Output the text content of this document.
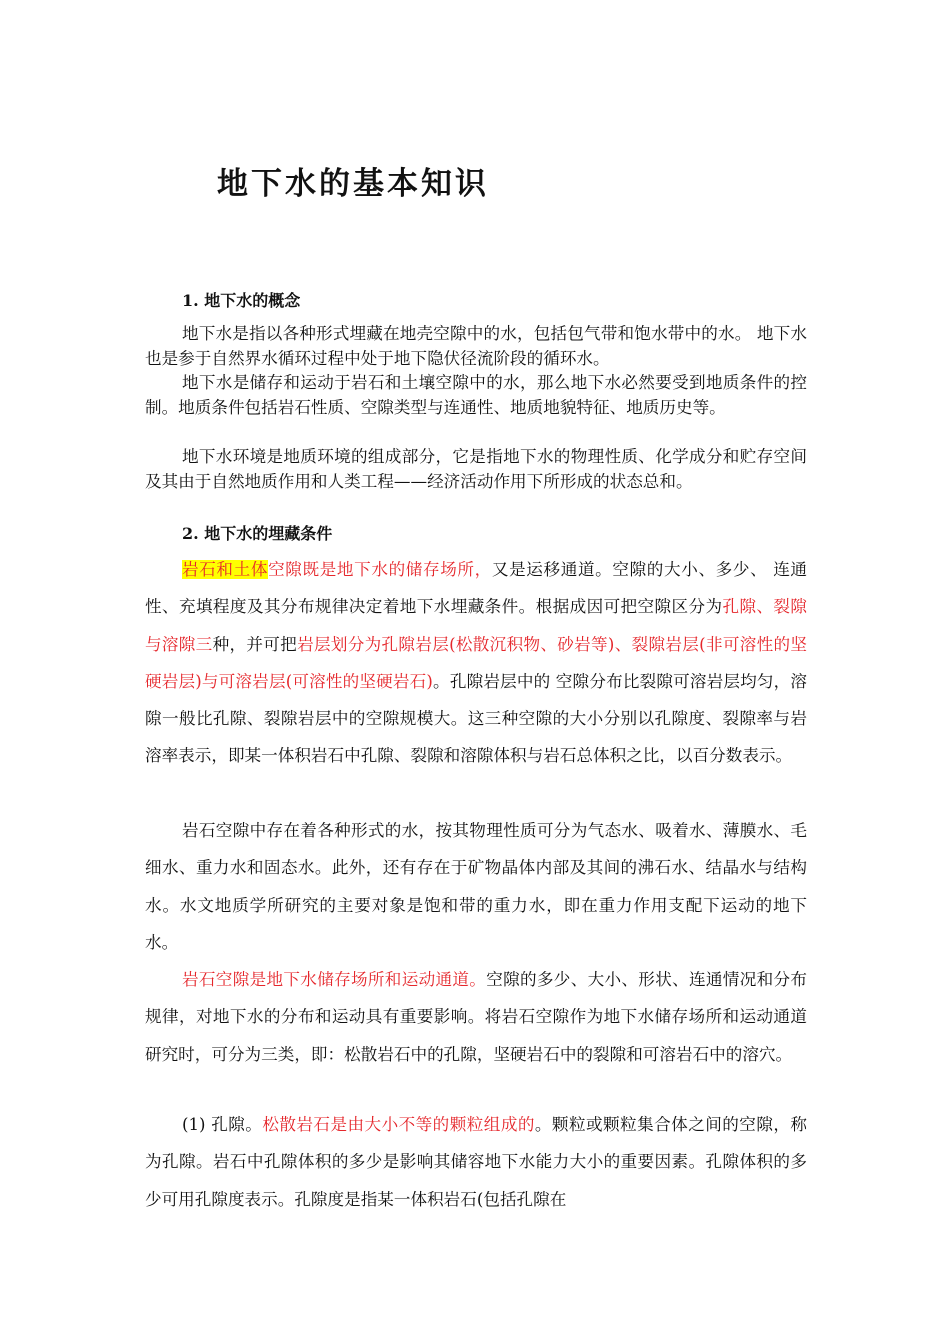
地下水的基本知识
1. 地下水的概念

地下水是指以各种形式埋藏在地壳空隙中的水，包括包气带和饱水带中的水。 地下水也是参于自然界水循环过程中处于地下隐伏径流阶段的循环水。

地下水是储存和运动于岩石和土壤空隙中的水，那么地下水必然要受到地质条件的控制。地质条件包括岩石性质、空隙类型与连通性、地质地貌特征、地质历史等。

地下水环境是地质环境的组成部分，它是指地下水的物理性质、化学成分和贮存空间及其由于自然地质作用和人类工程——经济活动作用下所形成的状态总和。

2. 地下水的埋藏条件

岩石和土体空隙既是地下水的储存场所，又是运移通道。空隙的大小、多少、 连通性、充填程度及其分布规律决定着地下水埋藏条件。根据成因可把空隙区分为孔隙、裂隙与溶隙三种，并可把岩层划分为孔隙岩层(松散沉积物、砂岩等)、裂隙岩层(非可溶性的坚硬岩层)与可溶岩层(可溶性的坚硬岩石)。孔隙岩层中的 空隙分布比裂隙可溶岩层均匀，溶隙一般比孔隙、裂隙岩层中的空隙规模大。这三种空隙的大小分别以孔隙度、裂隙率与岩溶率表示，即某一体积岩石中孔隙、裂隙和溶隙体积与岩石总体积之比，以百分数表示。

岩石空隙中存在着各种形式的水，按其物理性质可分为气态水、吸着水、薄膜水、毛细水、重力水和固态水。此外，还有存在于矿物晶体内部及其间的沸石水、结晶水与结构水。水文地质学所研究的主要对象是饱和带的重力水，即在重力作用支配下运动的地下水。

岩石空隙是地下水储存场所和运动通道。空隙的多少、大小、形状、连通情况和分布规律，对地下水的分布和运动具有重要影响。将岩石空隙作为地下水储存场所和运动通道研究时，可分为三类，即：松散岩石中的孔隙，坚硬岩石中的裂隙和可溶岩石中的溶穴。

(1) 孔隙。松散岩石是由大小不等的颗粒组成的。颗粒或颗粒集合体之间的空隙，称为孔隙。岩石中孔隙体积的多少是影响其储容地下水能力大小的重要因素。孔隙体积的多少可用孔隙度表示。孔隙度是指某一体积岩石(包括孔隙在
